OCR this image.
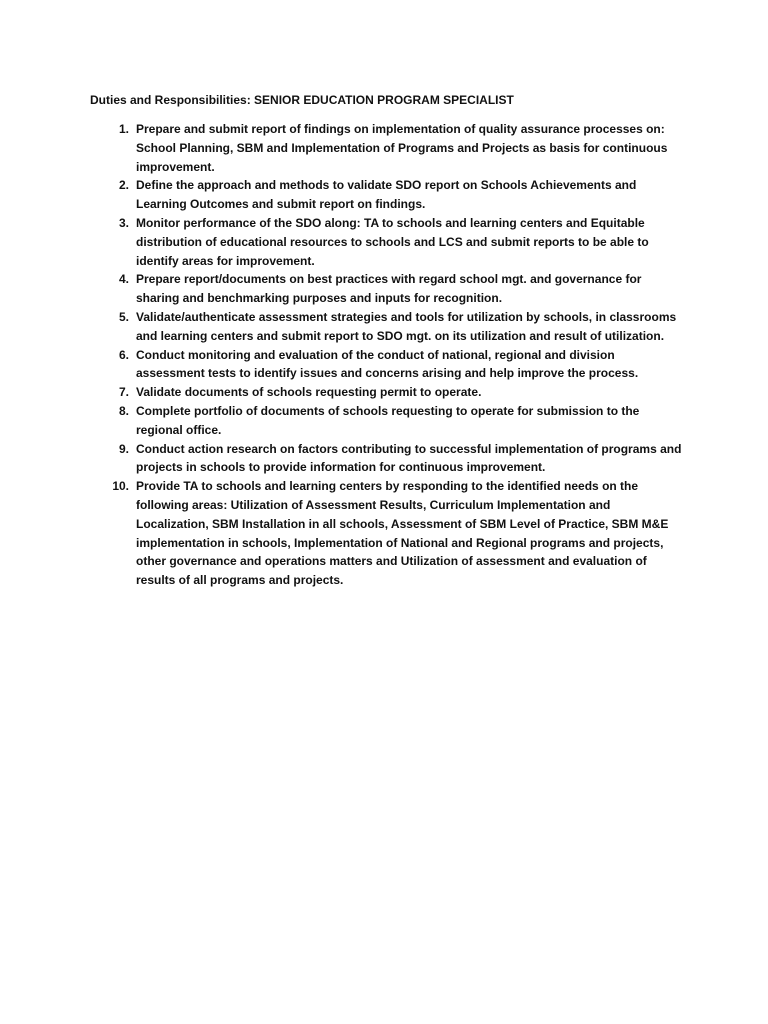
Duties and Responsibilities: SENIOR EDUCATION PROGRAM SPECIALIST
1. Prepare and submit report of findings on implementation of quality assurance processes on: School Planning, SBM and Implementation of Programs and Projects as basis for continuous improvement.
2. Define the approach and methods to validate SDO report on Schools Achievements and Learning Outcomes and submit report on findings.
3. Monitor performance of the SDO along: TA to schools and learning centers and Equitable distribution of educational resources to schools and LCS and submit reports to be able to identify areas for improvement.
4. Prepare report/documents on best practices with regard school mgt. and governance for sharing and benchmarking purposes and inputs for recognition.
5. Validate/authenticate assessment strategies and tools for utilization by schools, in classrooms and learning centers and submit report to SDO mgt. on its utilization and result of utilization.
6. Conduct monitoring and evaluation of the conduct of national, regional and division assessment tests to identify issues and concerns arising and help improve the process.
7. Validate documents of schools requesting permit to operate.
8. Complete portfolio of documents of schools requesting to operate for submission to the regional office.
9. Conduct action research on factors contributing to successful implementation of programs and projects in schools to provide information for continuous improvement.
10. Provide TA to schools and learning centers by responding to the identified needs on the following areas: Utilization of Assessment Results, Curriculum Implementation and Localization, SBM Installation in all schools, Assessment of SBM Level of Practice, SBM M&E implementation in schools, Implementation of National and Regional programs and projects, other governance and operations matters and Utilization of assessment and evaluation of results of all programs and projects.
